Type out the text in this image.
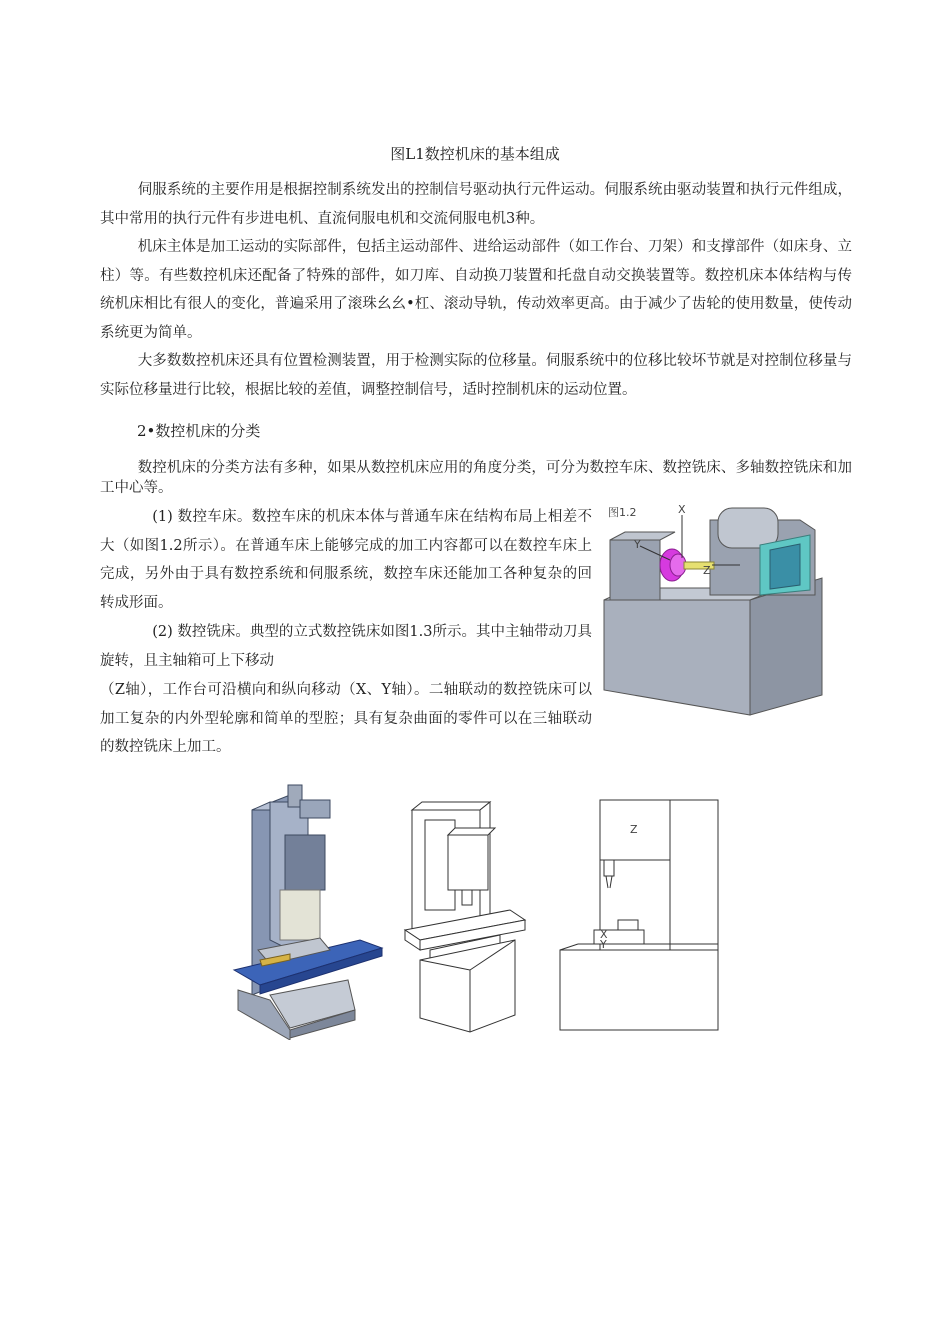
图L1数控机床的基本组成

伺服系统的主要作用是根据控制系统发出的控制信号驱动执行元件运动。伺服系统由驱动装置和执行元件组成，其中常用的执行元件有步进电机、直流伺服电机和交流伺服电机3种。

机床主体是加工运动的实际部件，包括主运动部件、进给运动部件（如工作台、刀架）和支撑部件（如床身、立柱）等。有些数控机床还配备了特殊的部件，如刀库、自动换刀装置和托盘自动交换装置等。数控机床本体结构与传统机床相比有很人的变化，普遍采用了滚珠幺幺•杠、滚动导轨，传动效率更高。由于减少了齿轮的使用数量，使传动系统更为简单。

大多数数控机床还具有位置检测装置，用于检测实际的位移量。伺服系统中的位移比较坏节就是对控制位移量与实际位移量进行比较，根据比较的差值，调整控制信号，适时控制机床的运动位置。

2•数控机床的分类

数控机床的分类方法有多种，如果从数控机床应用的角度分类，可分为数控车床、数控铣床、多轴数控铣床和加工中心等。

(1) 数控车床。数控车床的机床本体与普通车床在结构布局上相差不大（如图1.2所示）。在普通车床上能够完成的加工内容都可以在数控车床上完成，另外由于具有数控系统和伺服系统，数控车床还能加工各种复杂的回转成形面。

(2) 数控铣床。典型的立式数控铣床如图1.3所示。其中主轴带动刀具旋转，且主轴箱可上下移动

（Z轴），工作台可沿横向和纵向移动（X、Y轴）。二轴联动的数控铣床可以加工复杂的内外型轮廓和简单的型腔；具有复杂曲面的零件可以在三轴联动的数控铣床上加工。

图1.2	X
Y
Z
Z
X
Y
